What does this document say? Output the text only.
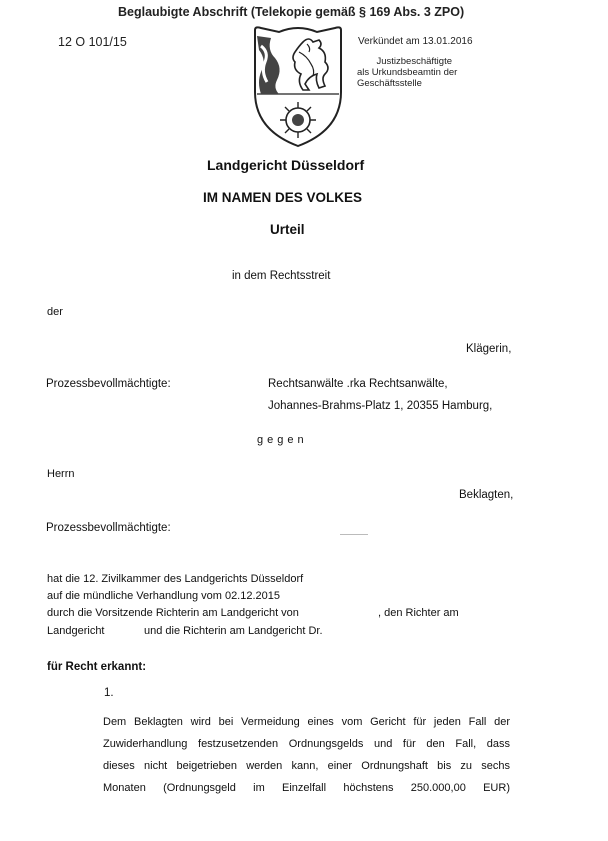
Beglaubigte Abschrift (Telekopie gemäß § 169 Abs. 3 ZPO)
12 O 101/15	Verkündet am 13.01.2016
Justizbeschäftigte
als Urkundsbeamtin der
Geschäftsstelle
Landgericht Düsseldorf
IM NAMEN DES VOLKES
Urteil
in dem Rechtsstreit
der
Klägerin,
Prozessbevollmächtigte:	Rechtsanwälte .rka Rechtsanwälte,
Johannes-Brahms-Platz 1, 20355 Hamburg,
gegen
Herrn
Beklagten,
Prozessbevollmächtigte:
hat die 12. Zivilkammer des Landgerichts Düsseldorf
auf die mündliche Verhandlung vom 02.12.2015
durch die Vorsitzende Richterin am Landgericht von	, den Richter am
Landgericht	und die Richterin am Landgericht Dr.
für Recht erkannt:
1.
Dem Beklagten wird bei Vermeidung eines vom Gericht für jeden Fall der
Zuwiderhandlung festzusetzenden Ordnungsgelds und für den Fall, dass
dieses nicht beigetrieben werden kann, einer Ordnungshaft bis zu sechs
Monaten (Ordnungsgeld im Einzelfall höchstens 250.000,00 EUR)
